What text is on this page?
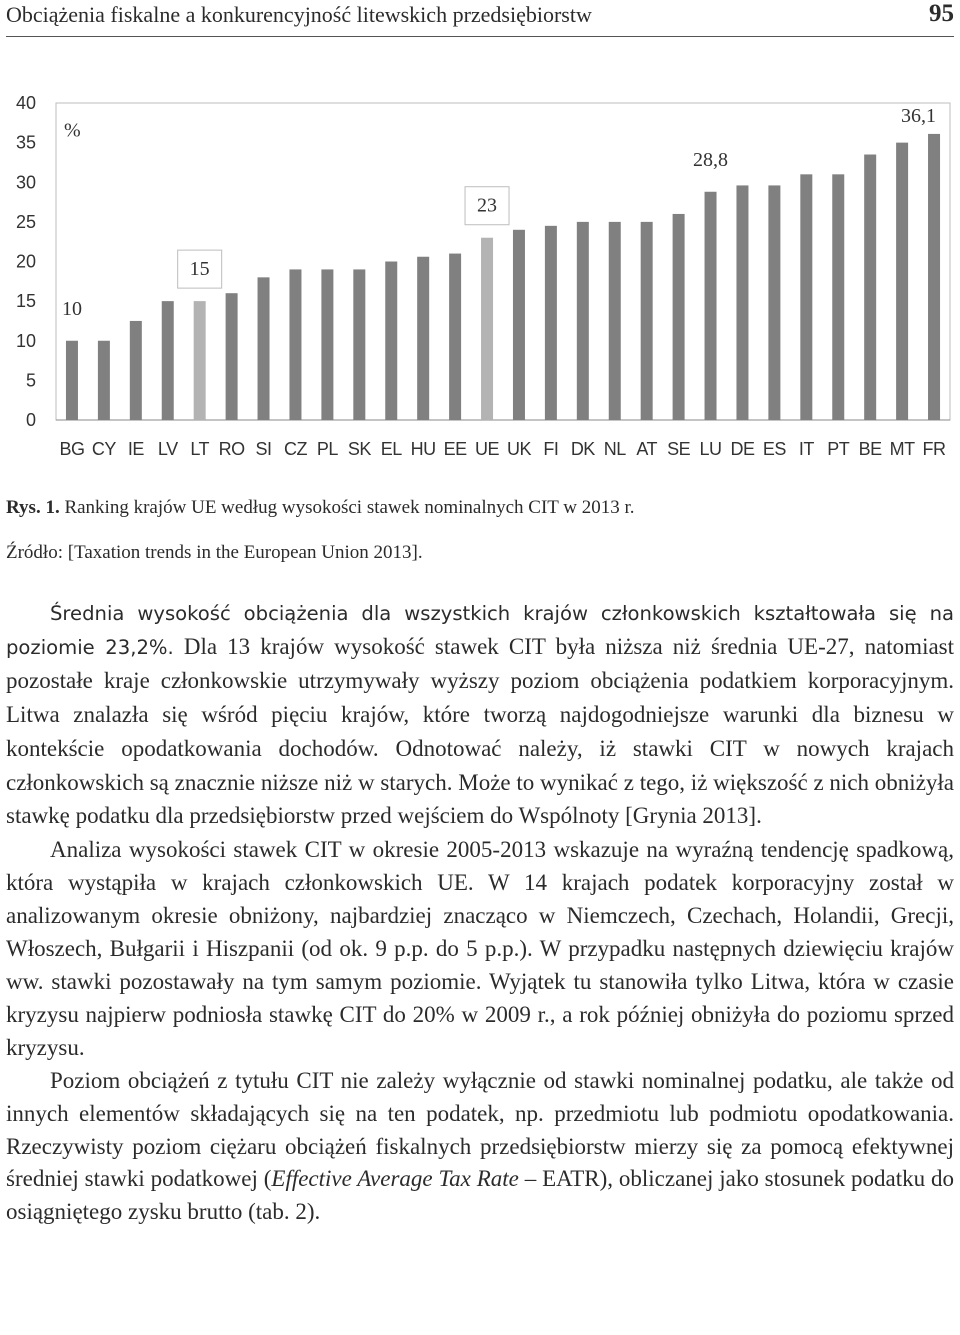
Obciążenia fiskalne a konkurencyjność litewskich przedsiębiorstw	95
0
5
10
15
20
25
30
35
40
%
BG CY IE LV LT RO SI CZ PL SK EL HU EE UE UK FI DK NL AT SE LU DE ES IT PT BE MT FR
10
15
23
28,8
36,1
Rys. 1. Ranking krajów UE według wysokości stawek nominalnych CIT w 2013 r.
Źródło: [Taxation trends in the European Union 2013].

Średnia wysokość obciążenia dla wszystkich krajów członkowskich kształtowała się na poziomie 23,2%. Dla 13 krajów wysokość stawek CIT była niższa niż średnia UE-27, natomiast pozostałe kraje członkowskie utrzymywały wyższy poziom obciążenia podatkiem korporacyjnym. Litwa znalazła się wśród pięciu krajów, które tworzą najdogodniejsze warunki dla biznesu w kontekście opodatkowania dochodów. Odnotować należy, iż stawki CIT w nowych krajach członkowskich są znacznie niższe niż w starych. Może to wynikać z tego, iż większość z nich obniżyła stawkę podatku dla przedsiębiorstw przed wejściem do Wspólnoty [Grynia 2013].

Analiza wysokości stawek CIT w okresie 2005-2013 wskazuje na wyraźną tendencję spadkową, która wystąpiła w krajach członkowskich UE. W 14 krajach podatek korporacyjny został w analizowanym okresie obniżony, najbardziej znacząco w Niemczech, Czechach, Holandii, Grecji, Włoszech, Bułgarii i Hiszpanii (od ok. 9 p.p. do 5 p.p.). W przypadku następnych dziewięciu krajów ww. stawki pozostawały na tym samym poziomie. Wyjątek tu stanowiła tylko Litwa, która w czasie kryzysu najpierw podniosła stawkę CIT do 20% w 2009 r., a rok później obniżyła do poziomu sprzed kryzysu.

Poziom obciążeń z tytułu CIT nie zależy wyłącznie od stawki nominalnej podatku, ale także od innych elementów składających się na ten podatek, np. przedmiotu lub podmiotu opodatkowania. Rzeczywisty poziom ciężaru obciążeń fiskalnych przedsiębiorstw mierzy się za pomocą efektywnej średniej stawki podatkowej (Effective Average Tax Rate – EATR), obliczanej jako stosunek podatku do osiągniętego zysku brutto (tab. 2).
